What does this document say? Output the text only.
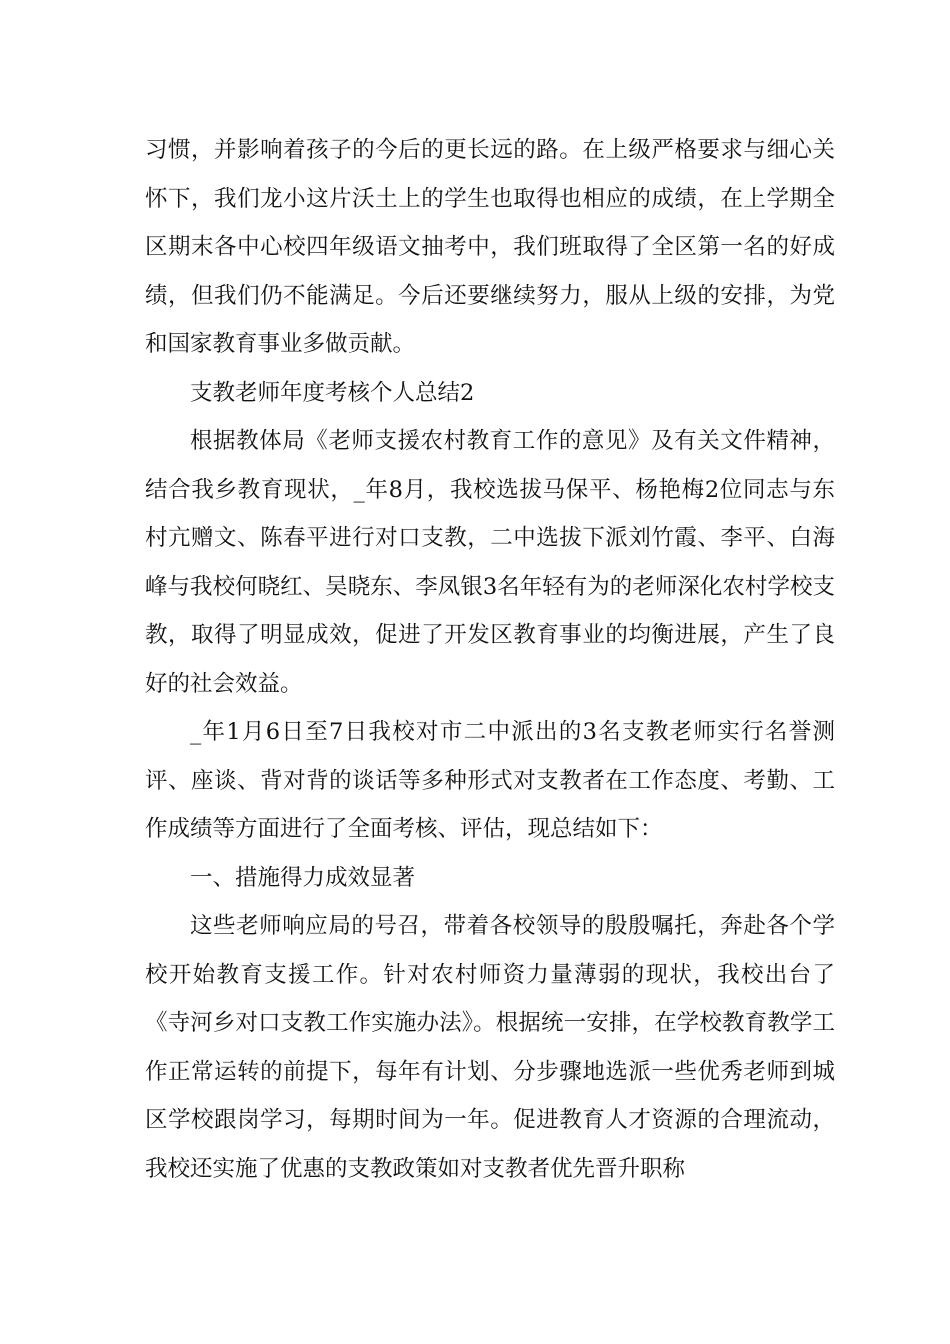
习惯，并影响着孩子的今后的更长远的路。在上级严格要求与细心关怀下，我们龙小这片沃土上的学生也取得也相应的成绩，在上学期全区期末各中心校四年级语文抽考中，我们班取得了全区第一名的好成绩，但我们仍不能满足。今后还要继续努力，服从上级的安排，为党和国家教育事业多做贡献。

支教老师年度考核个人总结2

根据教体局《老师支援农村教育工作的意见》及有关文件精神，结合我乡教育现状，_年8月，我校选拔马保平、杨艳梅2位同志与东村亢赠文、陈春平进行对口支教，二中选拔下派刘竹霞、李平、白海峰与我校何晓红、吴晓东、李凤银3名年轻有为的老师深化农村学校支教，取得了明显成效，促进了开发区教育事业的均衡进展，产生了良好的社会效益。

_年1月6日至7日我校对市二中派出的3名支教老师实行名誉测评、座谈、背对背的谈话等多种形式对支教者在工作态度、考勤、工作成绩等方面进行了全面考核、评估，现总结如下：

一、措施得力成效显著

这些老师响应局的号召，带着各校领导的殷殷嘱托，奔赴各个学校开始教育支援工作。针对农村师资力量薄弱的现状，我校出台了《寺河乡对口支教工作实施办法》。根据统一安排，在学校教育教学工作正常运转的前提下，每年有计划、分步骤地选派一些优秀老师到城区学校跟岗学习，每期时间为一年。促进教育人才资源的合理流动，我校还实施了优惠的支教政策如对支教者优先晋升职称
